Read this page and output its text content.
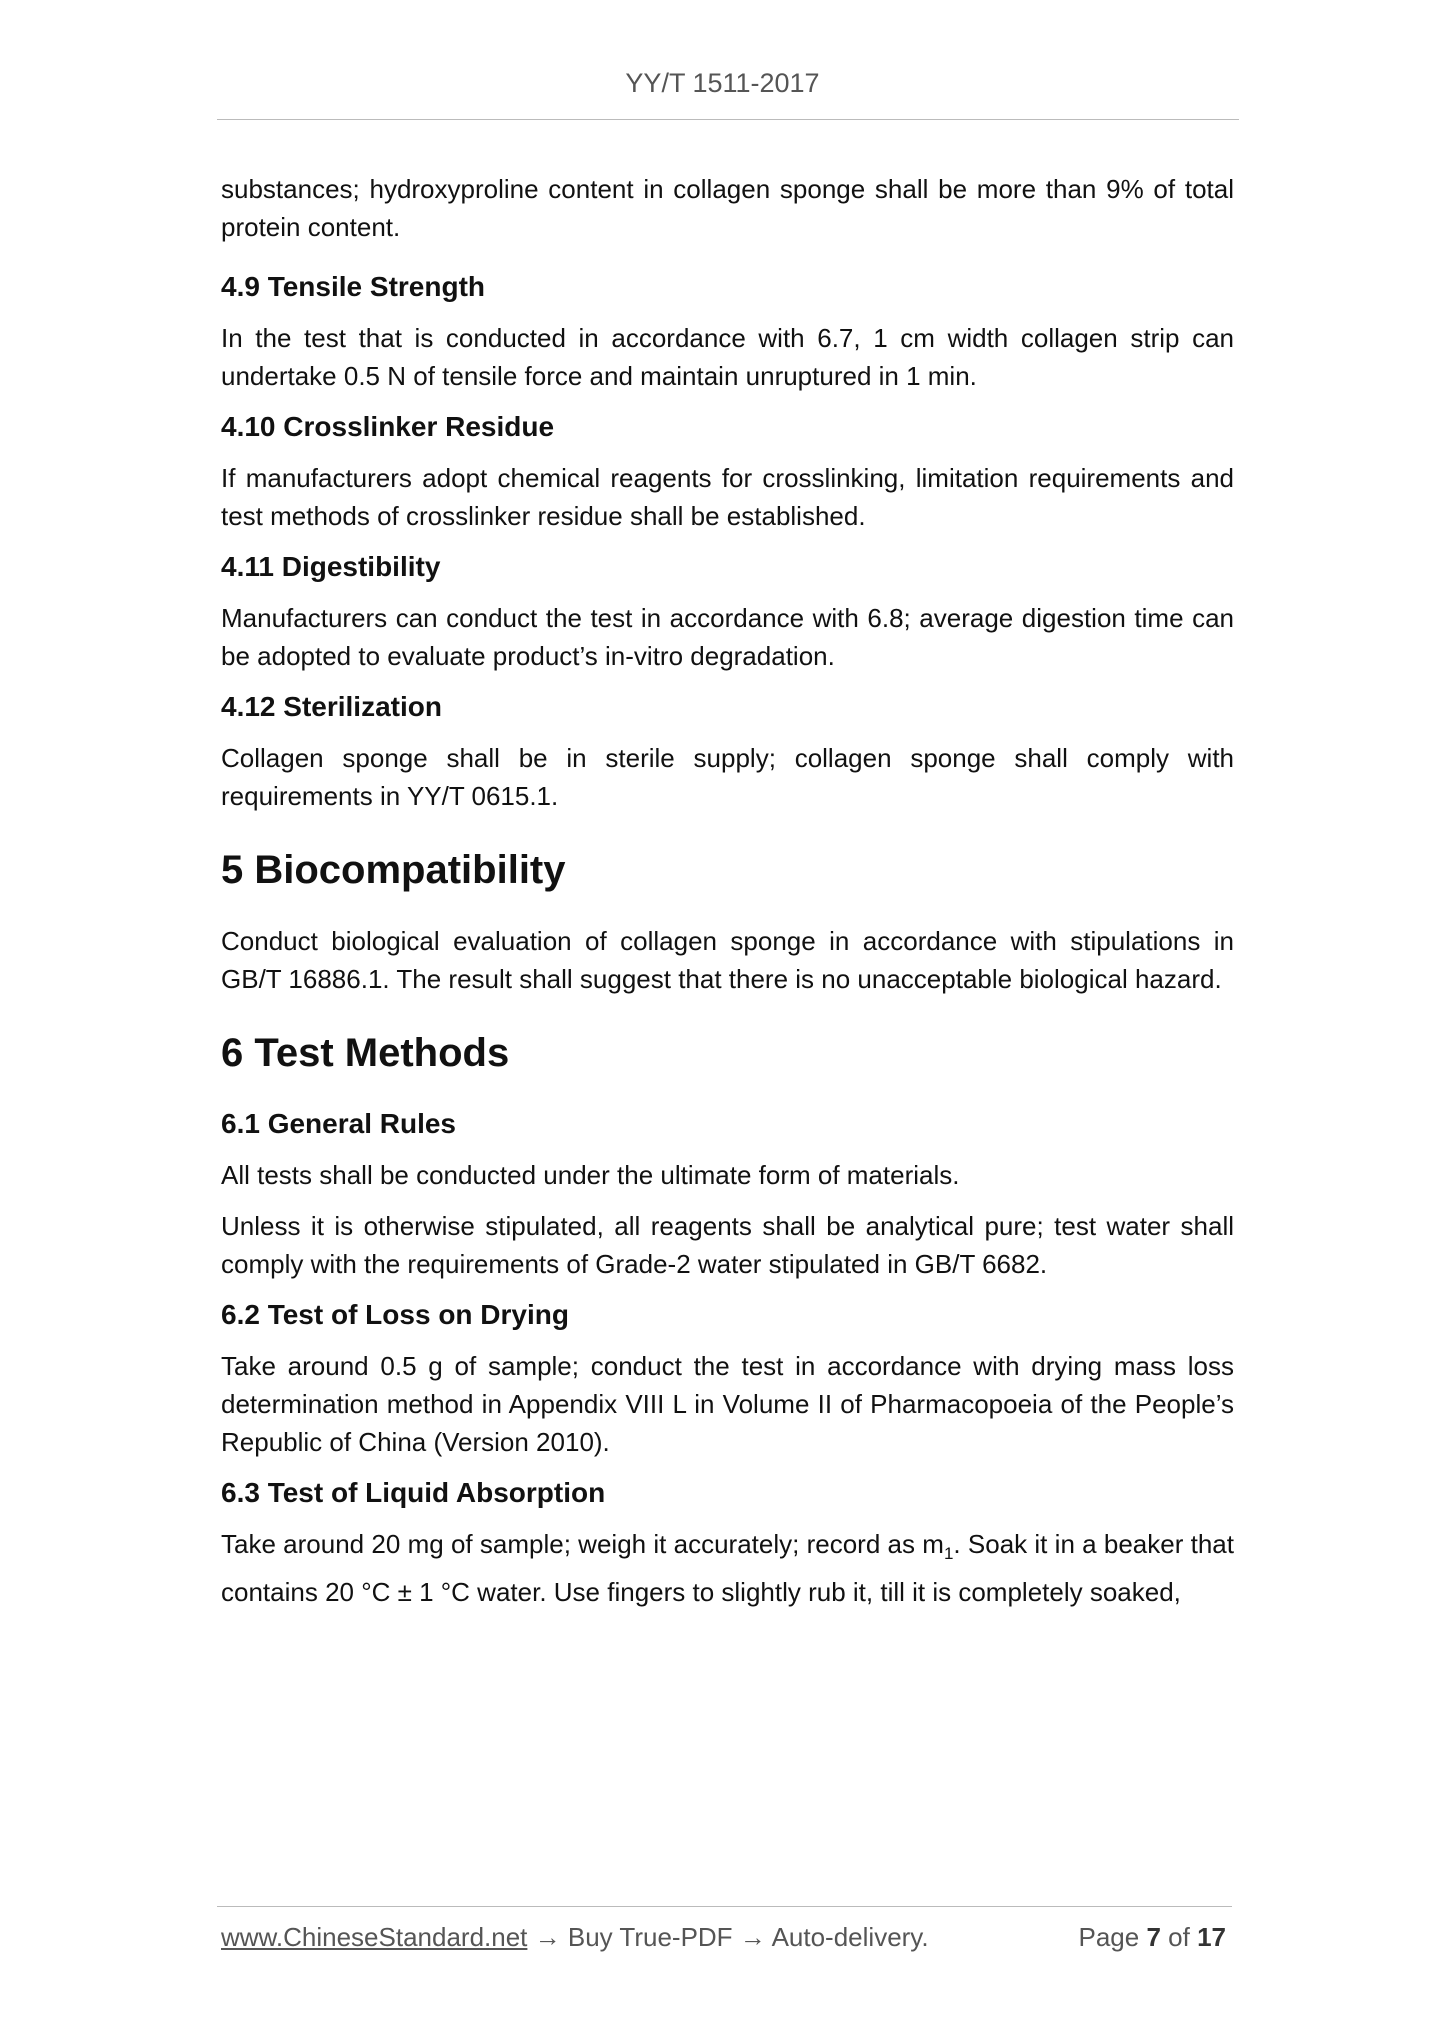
YY/T 1511-2017

substances; hydroxyproline content in collagen sponge shall be more than 9% of total protein content.

4.9 Tensile Strength

In the test that is conducted in accordance with 6.7, 1 cm width collagen strip can undertake 0.5 N of tensile force and maintain unruptured in 1 min.

4.10 Crosslinker Residue

If manufacturers adopt chemical reagents for crosslinking, limitation requirements and test methods of crosslinker residue shall be established.

4.11 Digestibility

Manufacturers can conduct the test in accordance with 6.8; average digestion time can be adopted to evaluate product’s in-vitro degradation.

4.12 Sterilization

Collagen sponge shall be in sterile supply; collagen sponge shall comply with requirements in YY/T 0615.1.

5 Biocompatibility

Conduct biological evaluation of collagen sponge in accordance with stipulations in GB/T 16886.1. The result shall suggest that there is no unacceptable biological hazard.

6 Test Methods
6.1 General Rules

All tests shall be conducted under the ultimate form of materials.

Unless it is otherwise stipulated, all reagents shall be analytical pure; test water shall comply with the requirements of Grade-2 water stipulated in GB/T 6682.

6.2 Test of Loss on Drying

Take around 0.5 g of sample; conduct the test in accordance with drying mass loss determination method in Appendix VIII L in Volume II of Pharmacopoeia of the People’s Republic of China (Version 2010).

6.3 Test of Liquid Absorption

Take around 20 mg of sample; weigh it accurately; record as $m_1$. Soak it in a beaker that contains 20 °C ± 1 °C water. Use fingers to slightly rub it, till it is completely soaked,

www.ChineseStandard.net → Buy True-PDF → Auto-delivery.	Page 7 of 17
